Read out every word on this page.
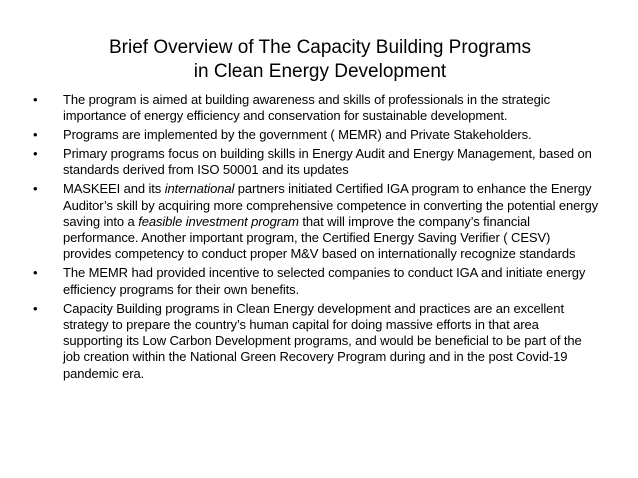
Brief Overview of The Capacity Building Programs
in Clean Energy Development
• The program is aimed at building awareness and skills of professionals in the strategic importance of energy efficiency and conservation for sustainable development.
• Programs are implemented by the government ( MEMR) and Private Stakeholders.
• Primary programs focus on building skills in Energy Audit and Energy Management, based on standards derived from ISO 50001 and its updates
• MASKEEI and its international partners initiated Certified IGA program to enhance the Energy Auditor’s skill by acquiring more comprehensive competence in converting the potential energy saving into a feasible investment program that will improve the company’s financial performance. Another important program, the Certified Energy Saving Verifier ( CESV) provides competency to conduct proper M&V based on internationally recognize standards
• The MEMR had provided incentive to selected companies to conduct IGA and initiate energy efficiency programs for their own benefits.
• Capacity Building programs in Clean Energy development and practices are an excellent strategy to prepare the country’s human capital for doing massive efforts in that area supporting its Low Carbon Development programs, and would be beneficial to be part of the job creation within the National Green Recovery Program during and in the post Covid-19 pandemic era.
